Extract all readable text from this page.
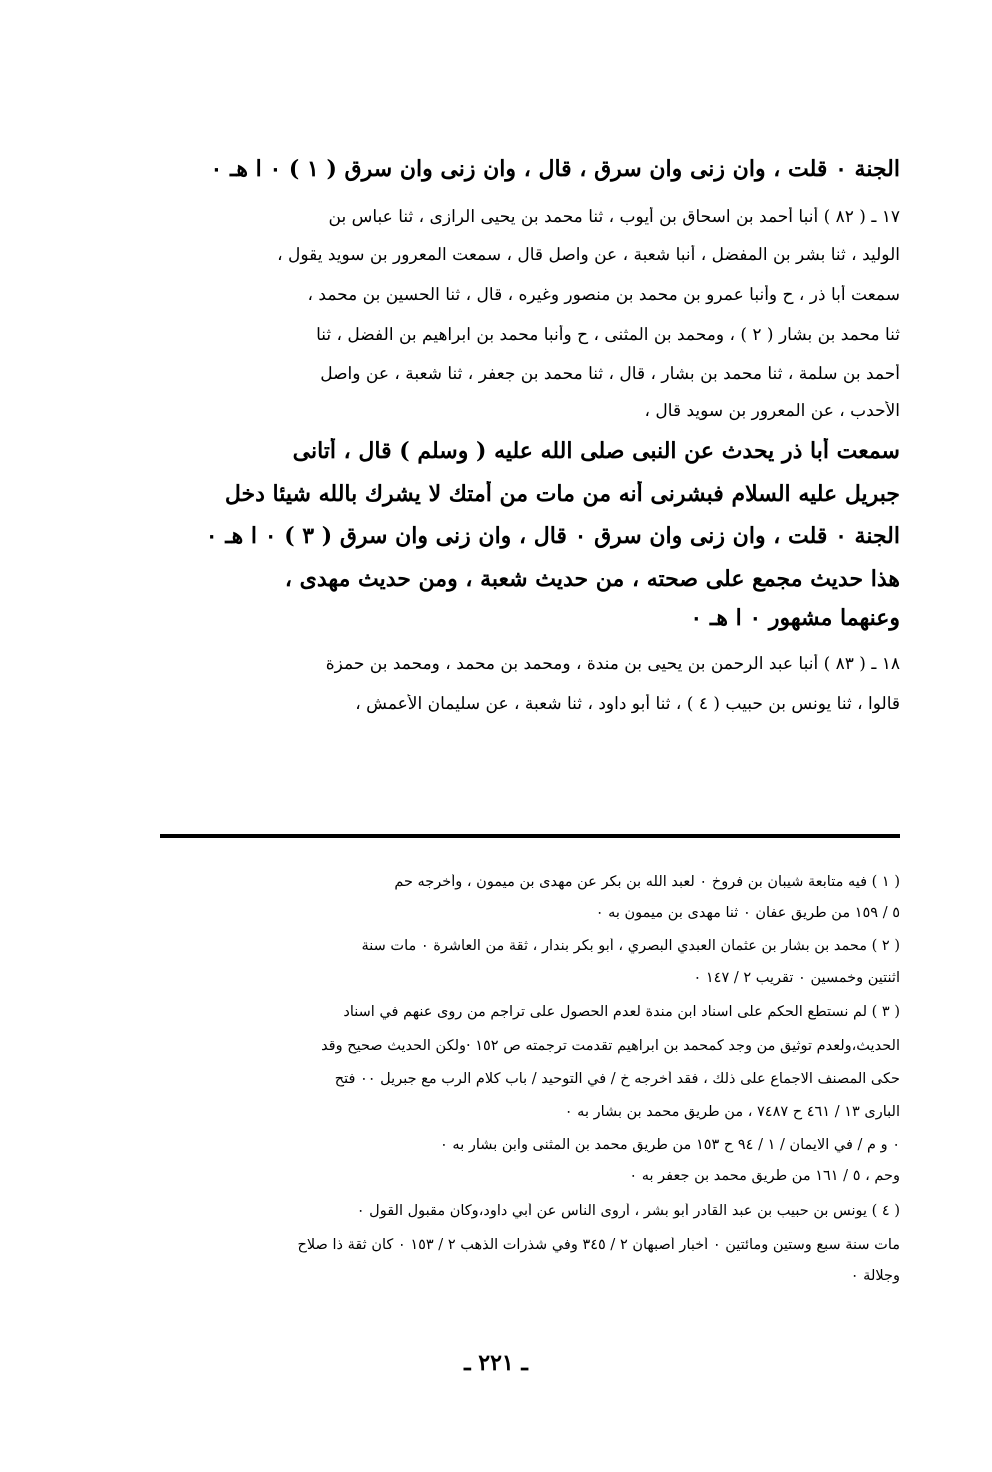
الجنة ٠ قلت ، وان زنى وان سرق ، قال ، وان زنى وان سرق ( ١ ) ٠ ا هـ ٠
١٧ ـ ( ٨٢ ) أنبا أحمد بن اسحاق بن أيوب ، ثنا محمد بن يحيى الرازى ، ثنا عباس بن
الوليد ، ثنا بشر بن المفضل ، أنبا شعبة ، عن واصل قال ، سمعت المعرور بن سويد يقول ،
سمعت أبا ذر ، ح وأنبا عمرو بن محمد بن منصور وغيره ، قال ، ثنا الحسين بن محمد ،
ثنا محمد بن بشار ( ٢ ) ، ومحمد بن المثنى ، ح وأنبا محمد بن ابراهيم بن الفضل ، ثنا
أحمد بن سلمة ، ثنا محمد بن بشار ، قال ، ثنا محمد بن جعفر ، ثنا شعبة ، عن واصل
الأحدب ، عن المعرور بن سويد قال ،
سمعت أبا ذر يحدث عن النبى صلى الله عليه ( وسلم ) قال ، أتانى
جبريل عليه السلام فبشرنى أنه من مات من أمتك لا يشرك بالله شيئا دخل
الجنة ٠ قلت ، وان زنى وان سرق ٠ قال ، وان زنى وان سرق ( ٣ ) ٠ ا هـ ٠
هذا حديث مجمع على صحته ، من حديث شعبة ، ومن حديث مهدى ،
وعنهما مشهور ٠ ا هـ ٠
١٨ ـ ( ٨٣ ) أنبا عبد الرحمن بن يحيى بن مندة ، ومحمد بن محمد ، ومحمد بن حمزة
قالوا ، ثنا يونس بن حبيب ( ٤ ) ، ثنا أبو داود ، ثنا شعبة ، عن سليمان الأعمش ،
( ١ ) فيه متابعة شيبان بن فروخ ٠ لعبد الله بن بكر عن مهدى بن ميمون ، وأخرجه حم
٥ / ١٥٩ من طريق عفان ٠ ثنا مهدى بن ميمون به ٠
( ٢ ) محمد بن بشار بن عثمان العبدي البصري ، أبو بكر بندار ، ثقة من العاشرة ٠ مات سنة
اثنتين وخمسين ٠ تقريب ٢ / ١٤٧ ٠
( ٣ ) لم نستطع الحكم على اسناد ابن مندة لعدم الحصول على تراجم من روى عنهم في اسناد
الحديث،ولعدم توثيق من وجد كمحمد بن ابراهيم تقدمت ترجمته ص ١٥٢ ·ولكن الحديث صحيح وقد
حكى المصنف الاجماع على ذلك ، فقد أخرجه خ / في التوحيد / باب كلام الرب مع جبريل ٠٠ فتح
البارى ١٣ / ٤٦١ ح ٧٤٨٧ ، من طريق محمد بن بشار به ٠
٠ و م / في الايمان / ١ / ٩٤ ح ١٥٣ من طريق محمد بن المثنى وابن بشار به ٠
وحم ، ٥ / ١٦١ من طريق محمد بن جعفر به ٠
( ٤ ) يونس بن حبيب بن عبد القادر أبو بشر ، أروى الناس عن أبي داود،وكان مقبول القول ٠
مات سنة سبع وستين ومائتين ٠ أخبار أصبهان ٢ / ٣٤٥ وفي شذرات الذهب ٢ / ١٥٣ ٠ كان ثقة ذا صلاح
وجلالة ٠
ـ ٢٢١ ـ
